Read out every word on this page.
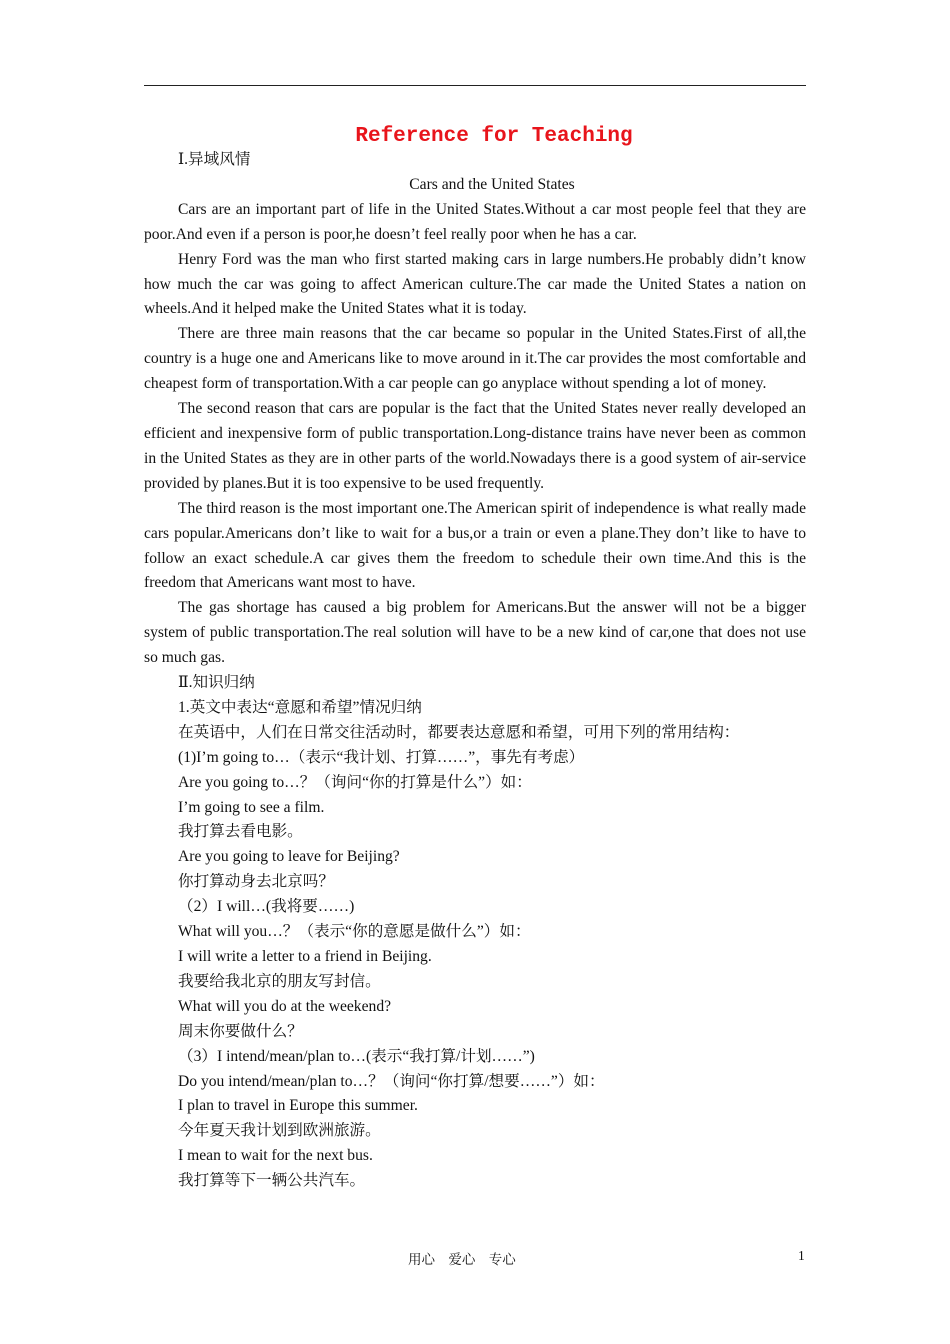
Reference for Teaching
Ⅰ.异域风情
Cars and the United States

Cars are an important part of life in the United States.Without a car most people feel that they are poor.And even if a person is poor,he doesn’t feel really poor when he has a car.

Henry Ford was the man who first started making cars in large numbers.He probably didn’t know how much the car was going to affect American culture.The car made the United States a nation on wheels.And it helped make the United States what it is today.

There are three main reasons that the car became so popular in the United States.First of all,the country is a huge one and Americans like to move around in it.The car provides the most comfortable and cheapest form of transportation.With a car people can go anyplace without spending a lot of money.

The second reason that cars are popular is the fact that the United States never really developed an efficient and inexpensive form of public transportation.Long-distance trains have never been as common in the United States as they are in other parts of the world.Nowadays there is a good system of air-service provided by planes.But it is too expensive to be used frequently.

The third reason is the most important one.The American spirit of independence is what really made cars popular.Americans don’t like to wait for a bus,or a train or even a plane.They don’t like to have to follow an exact schedule.A car gives them the freedom to schedule their own time.And this is the freedom that Americans want most to have.

The gas shortage has caused a big problem for Americans.But the answer will not be a bigger system of public transportation.The real solution will have to be a new kind of car,one that does not use so much gas.

Ⅱ.知识归纳
1.英文中表达“意愿和希望”情况归纳
在英语中，人们在日常交往活动时，都要表达意愿和希望，可用下列的常用结构：
(1)I’m going to…（表示“我计划、打算……”，事先有考虑）
Are you going to…？（询问“你的打算是什么”）如：
I’m going to see a film.
我打算去看电影。
Are you going to leave for Beijing?
你打算动身去北京吗？
（2）I will…(我将要……)
What will you…？（表示“你的意愿是做什么”）如：
I will write a letter to a friend in Beijing.
我要给我北京的朋友写封信。
What will you do at the weekend?
周末你要做什么？
（3）I intend/mean/plan to…(表示“我打算/计划……”)
Do you intend/mean/plan to…？（询问“你打算/想要……”）如：
I plan to travel in Europe this summer.
今年夏天我计划到欧洲旅游。
I mean to wait for the next bus.
我打算等下一辆公共汽车。
用心 爱心 专心	1
